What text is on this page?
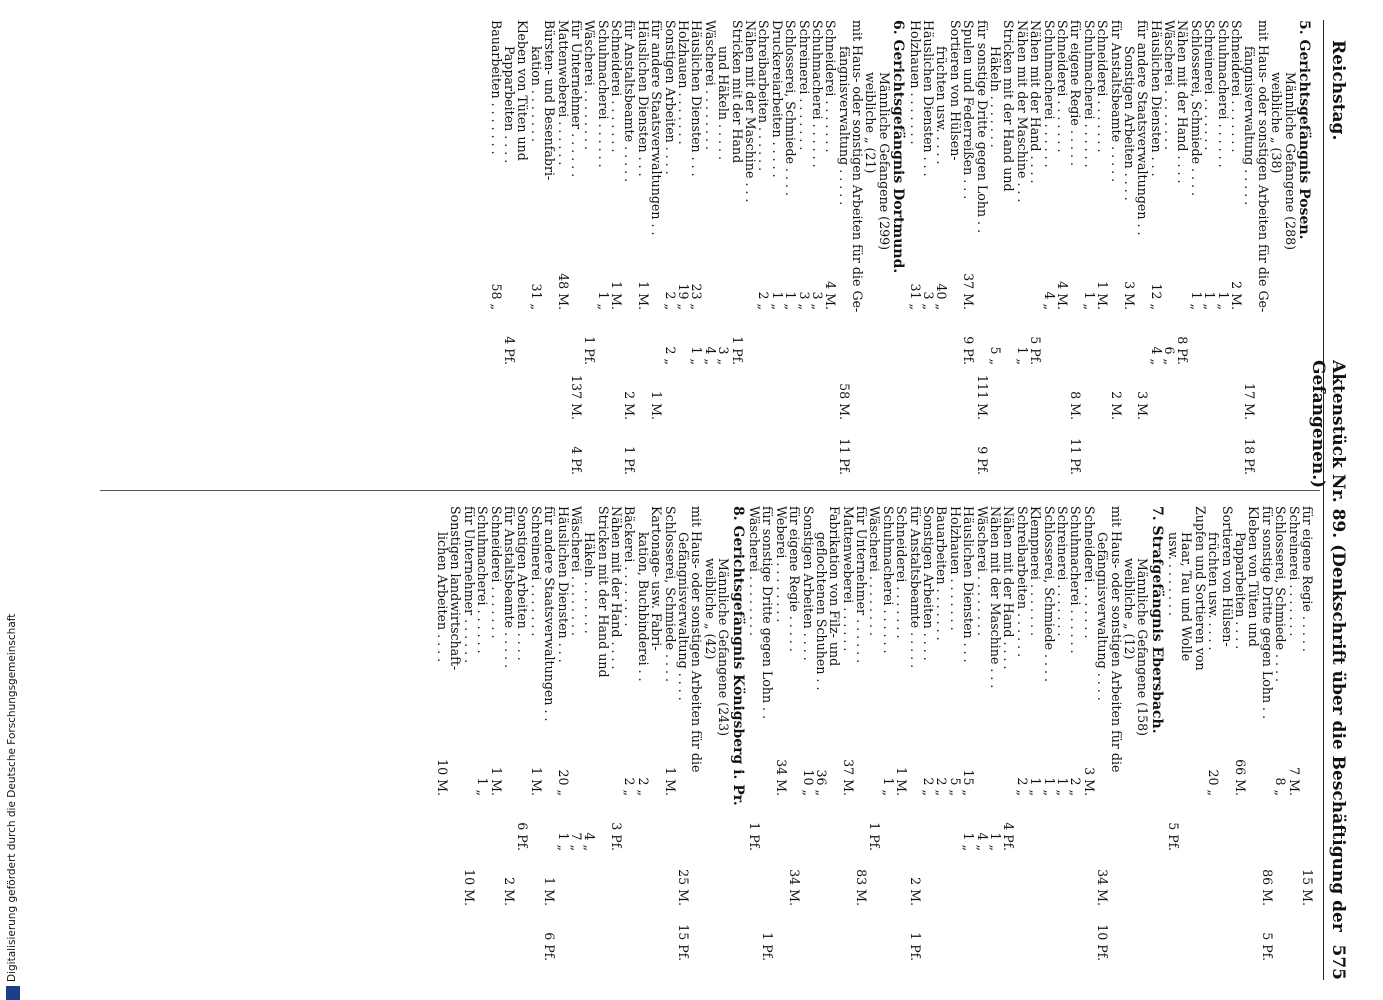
Reichstag.
Aktenstück Nr. 89. (Denkschrift über die Beschäftigung der Gefangenen.)
575
5. Gerichtsgefängnis Posen.
Männliche Gefangene (288)
weibliche „ (38)
mit Haus- oder sonstigen Arbeiten für die Ge-
fängnisverwaltung . . . . .
17 M.
18 Pf.
Schneiderei . . . . . . .
2 M.
Schuhmacherei . . . . . .
1 „
Schreinerei . . . . . . .
1 „
Schlosserei, Schmiede . . . .
1 „
Nähen mit der Hand . . . .
8 Pf.
Wäscherei . . . . . . . .
6 „
Häuslichen Diensten . . .
12 „
4 „
für andere Staatsverwaltungen . .
3 M.
Sonstigen Arbeiten . . . .
3 M.
für Anstaltsbeamte . . . . .
2 M.
Schneiderei . . . . . . .
1 M.
Schuhmacherei . . . . . .
1 „
für eigene Regie . . . . .
8 M.
11 Pf.
Schneiderei . . . . . . .
4 M.
Schuhmacherei . . . . . .
4 „
Nähen mit der Hand . . . .
5 Pf.
Nähen mit der Maschine . . .
1 „
Stricken mit der Hand und
Häkeln . . . . . . .
5 „
für sonstige Dritte gegen Lohn . .
111 M.
9 Pf.
Spulen und Federreißen . . .
37 M.
9 Pf.
Sortieren von Hülsen-
früchten usw. . . . .
40 „
Häuslichen Diensten . . .
3 „
Holzhauen . . . . . . .
31 „
6. Gerichtsgefängnis Dortmund.
Männliche Gefangene (299)
weibliche „ (21)
mit Haus- oder sonstigen Arbeiten für die Ge-
fängnisverwaltung . . . . .
58 M.
11 Pf.
Schneiderei . . . . . . .
4 M.
Schuhmacherei . . . . . .
3 „
Schreinerei . . . . . . .
3 „
Schlosserei, Schmiede . . . .
1 „
Druckereiarbeiten . . . . .
1 „
Schreibarbeiten . . . . . .
2 „
Nähen mit der Maschine . . .
Stricken mit der Hand
1 Pf.
und Häkeln . . . . .
3 „
Wäscherei . . . . . . . .
4 „
Häuslichen Diensten . . .
23 „
1 „
Holzhauen . . . . . . .
19 „
Sonstigen Arbeiten . . . .
2 „
2 „
für andere Staatsverwaltungen . .
1 M.
Häuslichen Diensten . . .
1 M.
für Anstaltsbeamte . . . . .
2 M.
1 Pf.
Schneiderei . . . . . . .
1 M.
Schuhmacherei . . . . . .
1 „
Wäscherei . . . . . . . .
1 Pf.
für Unternehmer . . . . . .
137 M.
4 Pf.
Mattenweberei . . . . . .
48 M.
Bürsten- und Besenfabri-
kation . . . . . . .
31 „
Kleben von Tüten und
Papparbeiten . . . .
4 Pf.
Bauarbeiten . . . . . . .
58 „
für eigene Regie . . . . .
15 M.
Schreinerei . . . . . . .
7 M.
Schlosserei, Schmiede . . . .
8 „
für sonstige Dritte gegen Lohn . .
86 M.
5 Pf.
Kleben von Tüten und
Papparbeiten . . . .
66 M.
Sortieren von Hülsen-
früchten usw. . . . .
20 „
Zupfen und Sortieren von
Haar, Tau und Wolle
usw. . . . . . . .
5 Pf.
7. Strafgefängnis Ebersbach.
Männliche Gefangene (158)
weibliche „ (12)
mit Haus- oder sonstigen Arbeiten für die
Gefängnisverwaltung . . . .
34 M.
10 Pf.
Schneiderei . . . . . . .
3 M.
Schuhmacherei . . . . . .
2 „
Schreinerei . . . . . . .
1 „
Schlosserei, Schmiede . . . .
1 „
Klempnerei . . . . . . .
1 „
Schreibarbeiten . . . . . .
2 „
Nähen mit der Hand . . . .
4 Pf.
Nähen mit der Maschine . . .
1 „
Wäscherei . . . . . . . .
4 „
Häuslichen Diensten . . .
15 „
1 „
Holzhauen . . . . . . .
5 „
Bauarbeiten . . . . . . .
2 „
Sonstigen Arbeiten . . . .
2 „
für Anstaltsbeamte . . . . .
2 M.
1 Pf.
Schneiderei . . . . . . .
1 M.
Schuhmacherei . . . . . .
1 „
Wäscherei . . . . . . . .
1 Pf.
für Unternehmer . . . . . .
83 M.
Mattenweberei . . . . . .
37 M.
Fabrikation von Filz- und
geflochtenen Schuhen . .
36 „
Sonstigen Arbeiten . . . .
10 „
für eigene Regie . . . . .
34 M.
Weberei . . . . . . . .
34 M.
für sonstige Dritte gegen Lohn . .
1 Pf.
Wäscherei . . . . . . . .
1 Pf.
8. Gerichtsgefängnis Königsberg i. Pr.
Männliche Gefangene (243)
weibliche „ (42)
mit Haus- oder sonstigen Arbeiten für die
Gefängnisverwaltung . . . .
25 M.
15 Pf.
Schlosserei, Schmiede . . . .
1 M.
Kartonage- usw. Fabri-
kation, Buchbinderei . .
2 „
Bäckerei . . . . . . . .
2 „
Nähen mit der Hand . . . .
3 Pf.
Stricken mit der Hand und
Häkeln . . . . . . .
4 „
Wäscherei . . . . . . . .
7 „
Häuslichen Diensten . . .
20 „
1 „
für andere Staatsverwaltungen . .
1 M.
6 Pf.
Schreinerei . . . . . . .
1 M.
Sonstigen Arbeiten . . . .
6 Pf.
für Anstaltsbeamte . . . . .
2 M.
Schneiderei . . . . . . .
1 M.
Schuhmacherei . . . . . .
1 „
für Unternehmer . . . . . .
10 M.
Sonstigen landwirtschaft-
lichen Arbeiten . . . .
10 M.
Digitalisierung gefördert durch die Deutsche Forschungsgemeinschaft
